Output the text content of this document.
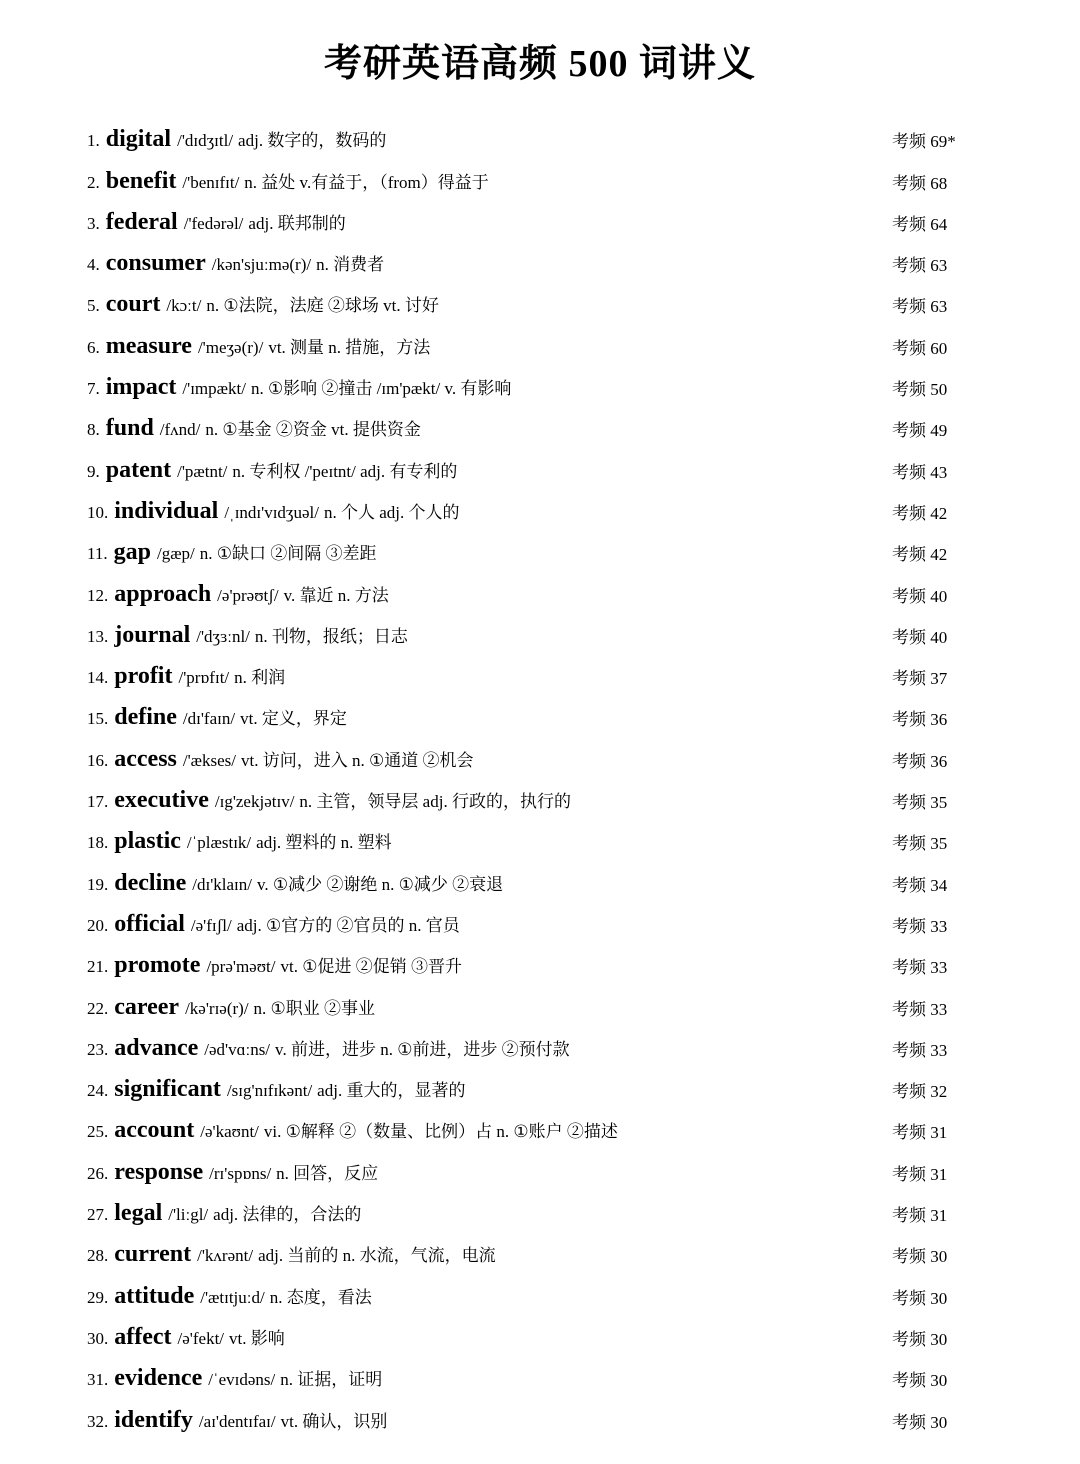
考研英语高频 500 词讲义
1. digital /'dɪdʒɪtl/ adj. 数字的，数码的	考频 69*
2. benefit /'benɪfɪt/ n. 益处 v.有益于，（from）得益于	考频 68
3. federal /'fedərəl/ adj. 联邦制的	考频 64
4. consumer /kən'sjuːmə(r)/ n. 消费者	考频 63
5. court /kɔːt/ n. ①法院，法庭 ②球场 vt. 讨好	考频 63
6. measure /'meʒə(r)/ vt. 测量 n. 措施，方法	考频 60
7. impact /'ɪmpækt/ n. ①影响 ②撞击 /ɪm'pækt/ v. 有影响	考频 50
8. fund /fʌnd/ n. ①基金 ②资金 vt. 提供资金	考频 49
9. patent /'pætnt/ n. 专利权 /'peɪtnt/ adj. 有专利的	考频 43
10. individual /ˌɪndɪ'vɪdʒuəl/ n. 个人 adj. 个人的	考频 42
11. gap /gæp/ n. ①缺口 ②间隔 ③差距	考频 42
12. approach /ə'prəʊtʃ/ v. 靠近 n. 方法	考频 40
13. journal /'dʒɜːnl/ n. 刊物，报纸；日志	考频 40
14. profit /'prɒfɪt/ n. 利润	考频 37
15. define /dɪ'faɪn/ vt. 定义，界定	考频 36
16. access /'ækses/ vt. 访问，进入 n. ①通道 ②机会	考频 36
17. executive /ɪg'zekjətɪv/ n. 主管，领导层 adj. 行政的，执行的	考频 35
18. plastic /ˈplæstɪk/ adj. 塑料的 n. 塑料	考频 35
19. decline /dɪ'klaɪn/ v. ①减少 ②谢绝 n. ①减少 ②衰退	考频 34
20. official /ə'fɪʃl/ adj. ①官方的 ②官员的 n. 官员	考频 33
21. promote /prə'məʊt/ vt. ①促进 ②促销 ③晋升	考频 33
22. career /kə'rɪə(r)/ n. ①职业 ②事业	考频 33
23. advance /əd'vɑːns/ v. 前进，进步 n. ①前进，进步 ②预付款	考频 33
24. significant /sɪg'nɪfɪkənt/ adj. 重大的，显著的	考频 32
25. account /ə'kaʊnt/ vi. ①解释 ②（数量、比例）占 n. ①账户 ②描述	考频 31
26. response /rɪ'spɒns/ n. 回答，反应	考频 31
27. legal /'liːgl/ adj. 法律的，合法的	考频 31
28. current /'kʌrənt/ adj. 当前的 n. 水流，气流，电流	考频 30
29. attitude /'ætɪtjuːd/ n. 态度，看法	考频 30
30. affect /ə'fekt/ vt. 影响	考频 30
31. evidence /ˈevɪdəns/ n. 证据，证明	考频 30
32. identify /aɪ'dentɪfaɪ/ vt. 确认，识别	考频 30
